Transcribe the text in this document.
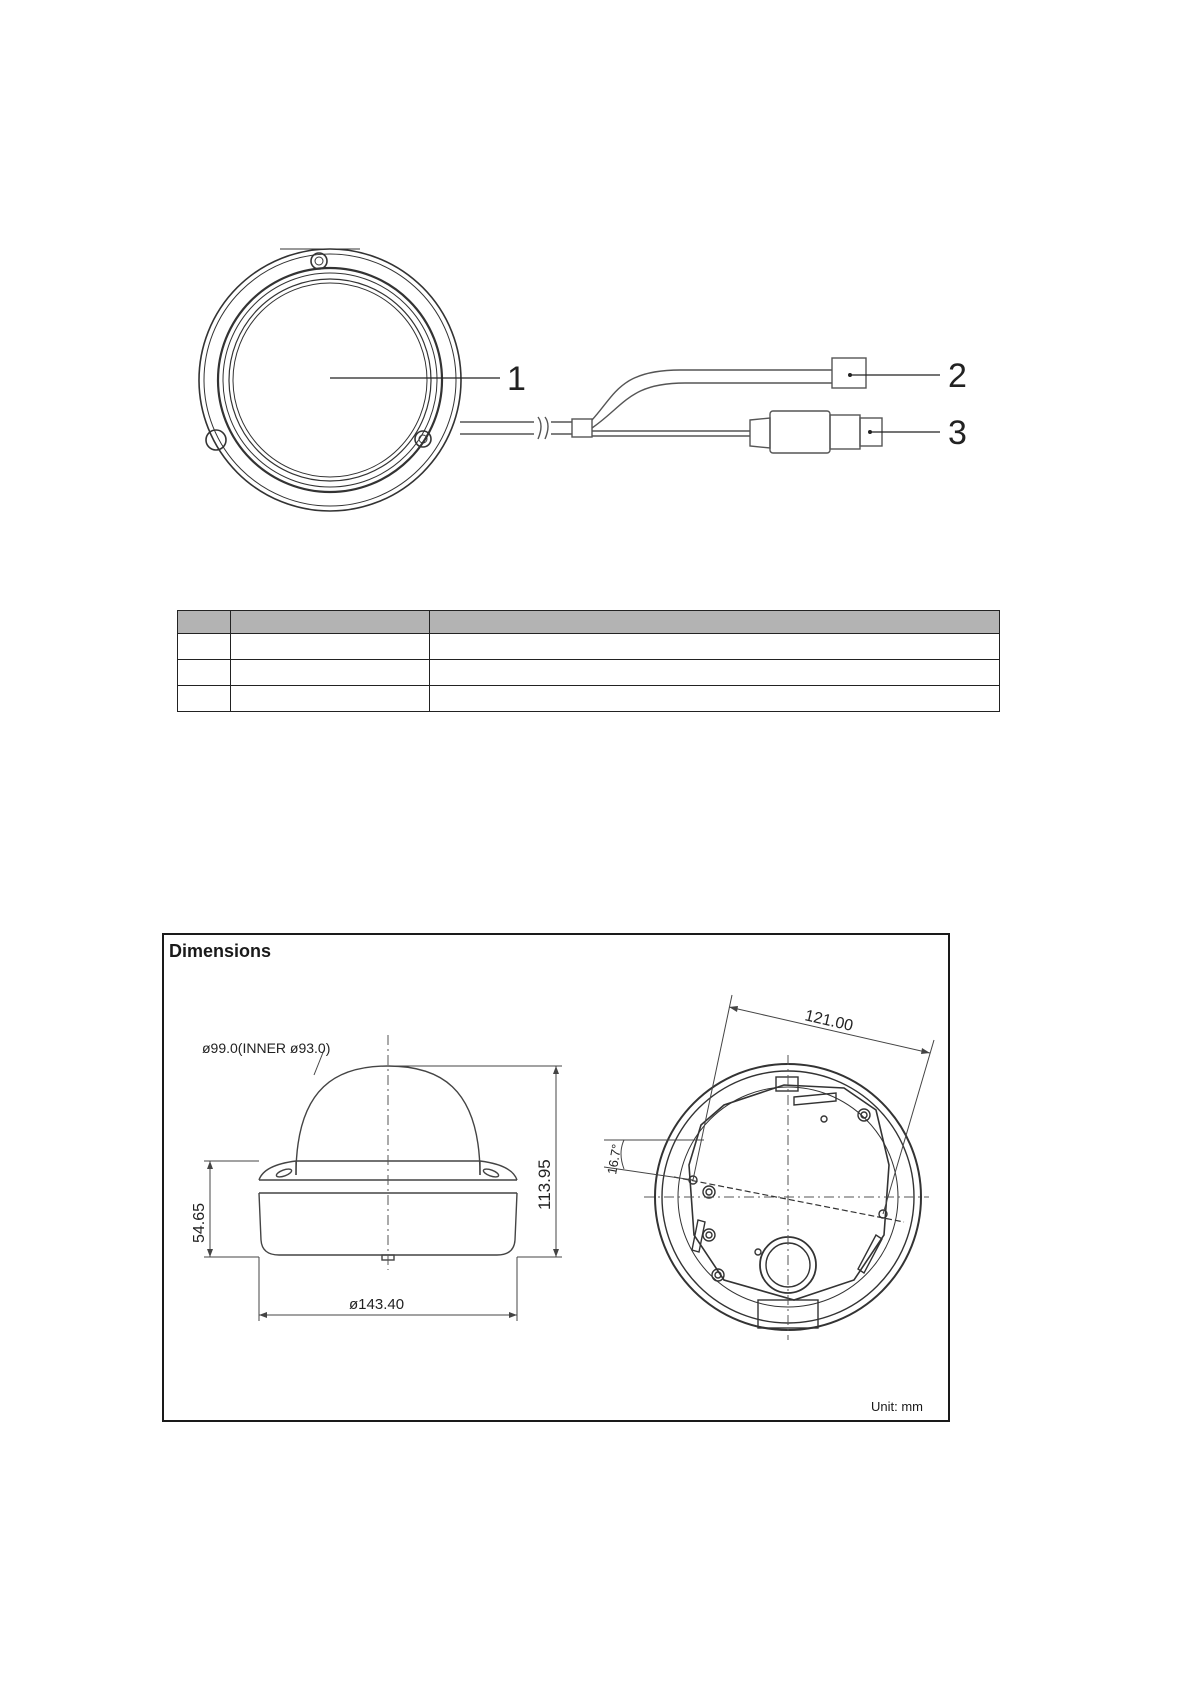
1	2
3

ø99.0(INNER ø93.0)
113.95
54.65
ø143.40
121.00
16.7°
Dimensions
Unit: mm
